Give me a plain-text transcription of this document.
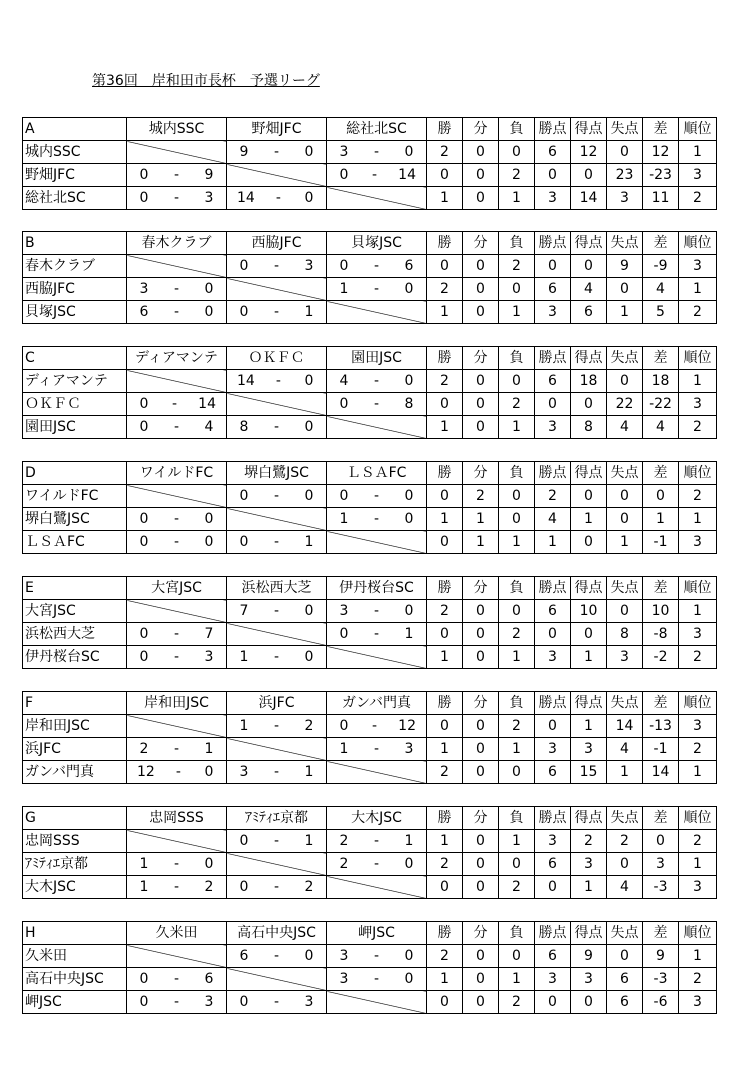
第36回　岸和田市長杯　予選リーグ
A	城内SSC	野畑JFC	総社北SC	勝	分	負	勝点	得点	失点	差	順位
城内SSC		9 - 0	3 - 0	2	0	0	6	12	0	12	1
野畑JFC	0 - 9		0 - 14	0	0	2	0	0	23	-23	3
総社北SC	0 - 3	14 - 0		1	0	1	3	14	3	11	2
B	春木クラブ	西脇JFC	貝塚JSC	勝	分	負	勝点	得点	失点	差	順位
春木クラブ		0 - 3	0 - 6	0	0	2	0	0	9	-9	3
西脇JFC	3 - 0		1 - 0	2	0	0	6	4	0	4	1
貝塚JSC	6 - 0	0 - 1		1	0	1	3	6	1	5	2
C	ディアマンテ	ＯＫＦＣ	園田JSC	勝	分	負	勝点	得点	失点	差	順位
ディアマンテ		14 - 0	4 - 0	2	0	0	6	18	0	18	1
ＯＫＦＣ	0 - 14		0 - 8	0	0	2	0	0	22	-22	3
園田JSC	0 - 4	8 - 0		1	0	1	3	8	4	4	2
D	ワイルドFC	堺白鷺JSC	ＬＳＡFC	勝	分	負	勝点	得点	失点	差	順位
ワイルドFC		0 - 0	0 - 0	0	2	0	2	0	0	0	2
堺白鷺JSC	0 - 0		1 - 0	1	1	0	4	1	0	1	1
ＬＳＡFC	0 - 0	0 - 1		0	1	1	1	0	1	-1	3
E	大宮JSC	浜松西大芝	伊丹桜台SC	勝	分	負	勝点	得点	失点	差	順位
大宮JSC		7 - 0	3 - 0	2	0	0	6	10	0	10	1
浜松西大芝	0 - 7		0 - 1	0	0	2	0	0	8	-8	3
伊丹桜台SC	0 - 3	1 - 0		1	0	1	3	1	3	-2	2
F	岸和田JSC	浜JFC	ガンバ門真	勝	分	負	勝点	得点	失点	差	順位
岸和田JSC		1 - 2	0 - 12	0	0	2	0	1	14	-13	3
浜JFC	2 - 1		1 - 3	1	0	1	3	3	4	-1	2
ガンバ門真	12 - 0	3 - 1		2	0	0	6	15	1	14	1
G	忠岡SSS	ｱﾐﾃｨｴ京都	大木JSC	勝	分	負	勝点	得点	失点	差	順位
忠岡SSS		0 - 1	2 - 1	1	0	1	3	2	2	0	2
ｱﾐﾃｨｴ京都	1 - 0		2 - 0	2	0	0	6	3	0	3	1
大木JSC	1 - 2	0 - 2		0	0	2	0	1	4	-3	3
H	久米田	高石中央JSC	岬JSC	勝	分	負	勝点	得点	失点	差	順位
久米田		6 - 0	3 - 0	2	0	0	6	9	0	9	1
高石中央JSC	0 - 6		3 - 0	1	0	1	3	3	6	-3	2
岬JSC	0 - 3	0 - 3		0	0	2	0	0	6	-6	3
